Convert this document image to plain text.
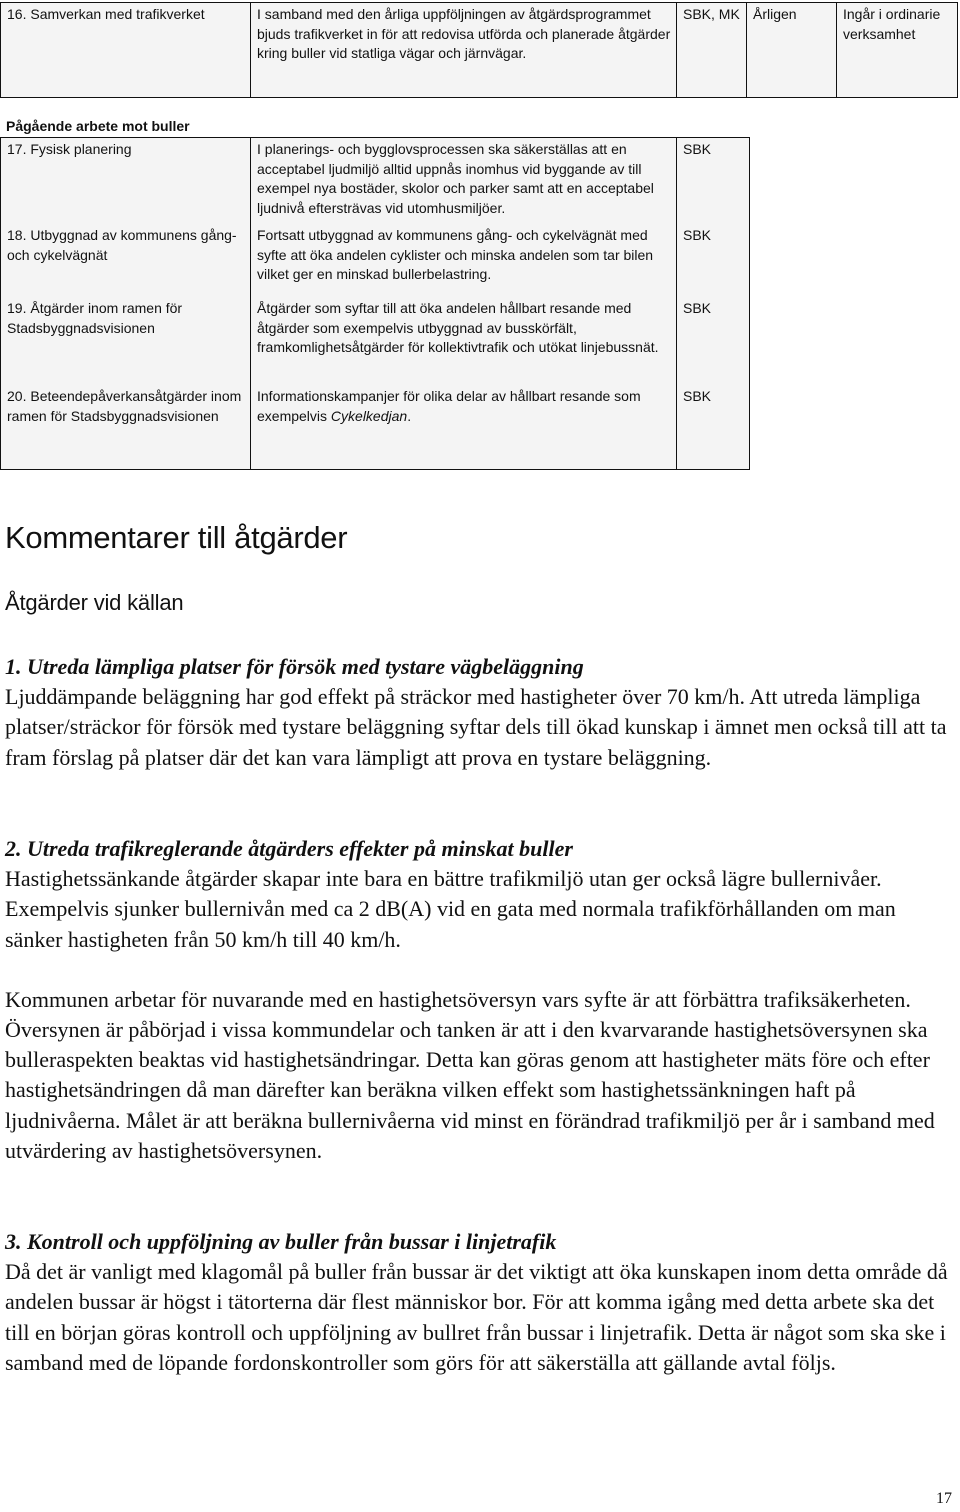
16. Samverkan med trafikverket	I samband med den årliga uppföljningen av åtgärdsprogrammet bjuds trafikverket in för att redovisa utförda och planerade åtgärder kring buller vid statliga vägar och järnvägar.	SBK, MK	Årligen	Ingår i ordinarie verksamhet
Pågående arbete mot buller
17. Fysisk planering	I planerings- och bygglovsprocessen ska säkerställas att en acceptabel ljudmiljö alltid uppnås inomhus vid byggande av till exempel nya bostäder, skolor och parker samt att en acceptabel ljudnivå eftersträvas vid utomhusmiljöer.	SBK
18. Utbyggnad av kommunens gång- och cykelvägnät	Fortsatt utbyggnad av kommunens gång- och cykelvägnät med syfte att öka andelen cyklister och minska andelen som tar bilen vilket ger en minskad bullerbelastring.	SBK
19. Åtgärder inom ramen för Stadsbyggnadsvisionen	Åtgärder som syftar till att öka andelen hållbart resande med åtgärder som exempelvis utbyggnad av busskörfält, framkomlighetsåtgärder för kollektivtrafik och utökat linjebussnät.	SBK
20. Beteendepåverkansåtgärder inom ramen för Stadsbyggnadsvisionen	Informationskampanjer för olika delar av hållbart resande som exempelvis Cykelkedjan.	SBK
Kommentarer till åtgärder
Åtgärder vid källan

1. Utreda lämpliga platser för försök med tystare vägbeläggning

Ljuddämpande beläggning har god effekt på sträckor med hastigheter över 70 km/h. Att utreda lämpliga platser/sträckor för försök med tystare beläggning syftar dels till ökad kunskap i ämnet men också till att ta fram förslag på platser där det kan vara lämpligt att prova en tystare beläggning.

2. Utreda trafikreglerande åtgärders effekter på minskat buller

Hastighetssänkande åtgärder skapar inte bara en bättre trafikmiljö utan ger också lägre bullernivåer. Exempelvis sjunker bullernivån med ca 2 dB(A) vid en gata med normala trafikförhållanden om man sänker hastigheten från 50 km/h till 40 km/h.

Kommunen arbetar för nuvarande med en hastighetsöversyn vars syfte är att förbättra trafiksäkerheten. Översynen är påbörjad i vissa kommundelar och tanken är att i den kvarvarande hastighetsöversynen ska bulleraspekten beaktas vid hastighetsändringar. Detta kan göras genom att hastigheter mäts före och efter hastighetsändringen då man därefter kan beräkna vilken effekt som hastighetssänkningen haft på ljudnivåerna. Målet är att beräkna bullernivåerna vid minst en förändrad trafikmiljö per år i samband med utvärdering av hastighetsöversynen.

3. Kontroll och uppföljning av buller från bussar i linjetrafik

Då det är vanligt med klagomål på buller från bussar är det viktigt att öka kunskapen inom detta område då andelen bussar är högst i tätorterna där flest människor bor. För att komma igång med detta arbete ska det till en början göras kontroll och uppföljning av bullret från bussar i linjetrafik. Detta är något som ska ske i samband med de löpande fordonskontroller som görs för att säkerställa att gällande avtal följs.

17
